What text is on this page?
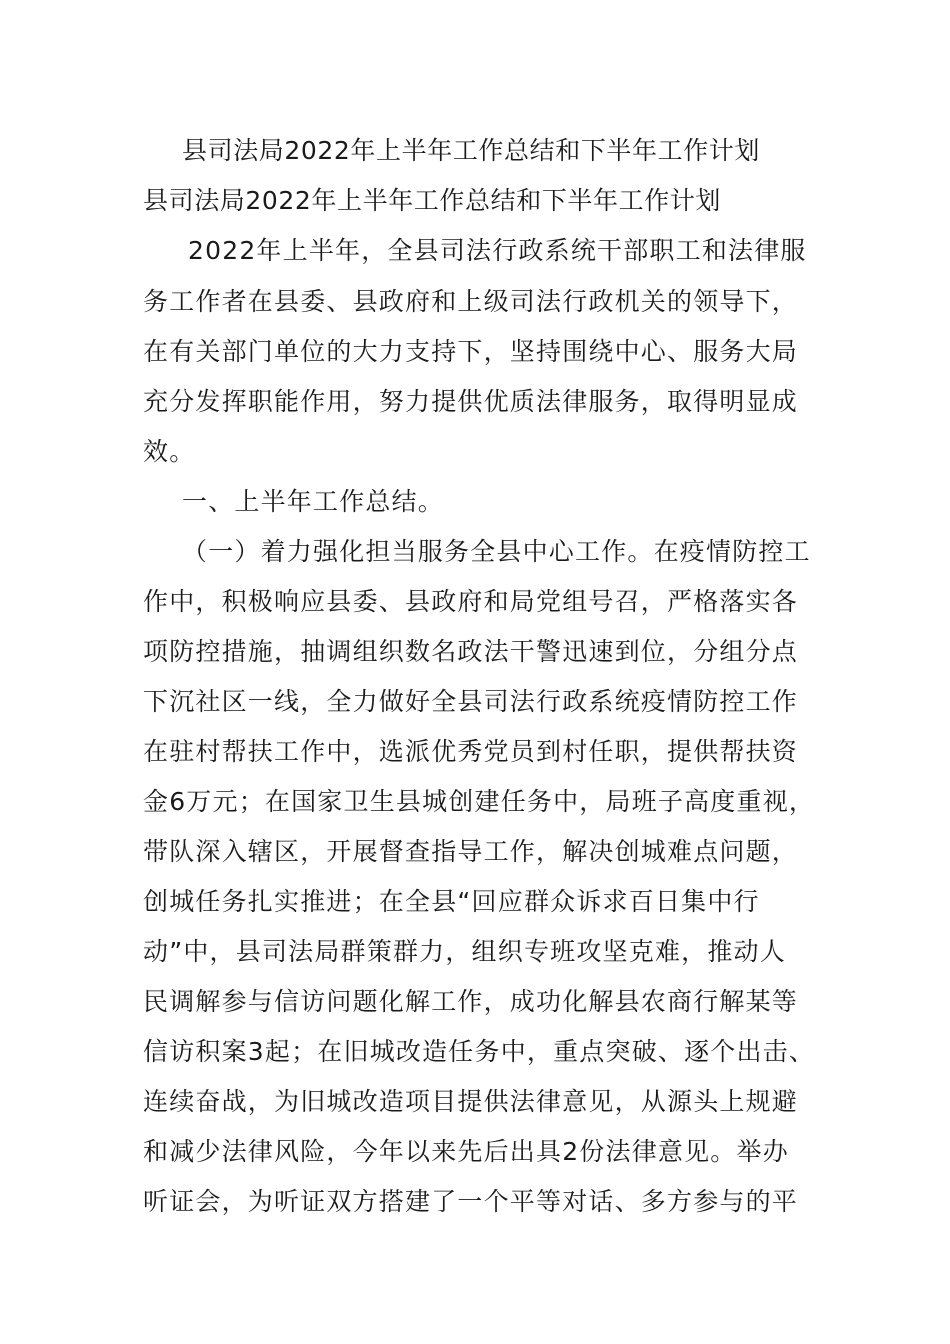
县司法局2022年上半年工作总结和下半年工作计划
县司法局2022年上半年工作总结和下半年工作计划
2022年上半年，全县司法行政系统干部职工和法律服
务工作者在县委、县政府和上级司法行政机关的领导下，
在有关部门单位的大力支持下，坚持围绕中心、服务大局
充分发挥职能作用，努力提供优质法律服务，取得明显成
效。
一、上半年工作总结。
（一）着力强化担当服务全县中心工作。在疫情防控工
作中，积极响应县委、县政府和局党组号召，严格落实各
项防控措施，抽调组织数名政法干警迅速到位，分组分点
下沉社区一线，全力做好全县司法行政系统疫情防控工作
在驻村帮扶工作中，选派优秀党员到村任职，提供帮扶资
金6万元；在国家卫生县城创建任务中，局班子高度重视，
带队深入辖区，开展督查指导工作，解决创城难点问题，
创城任务扎实推进；在全县“回应群众诉求百日集中行
动”中，县司法局群策群力，组织专班攻坚克难，推动人
民调解参与信访问题化解工作，成功化解县农商行解某等
信访积案3起；在旧城改造任务中，重点突破、逐个出击、
连续奋战，为旧城改造项目提供法律意见，从源头上规避
和减少法律风险，今年以来先后出具2份法律意见。举办
听证会，为听证双方搭建了一个平等对话、多方参与的平
